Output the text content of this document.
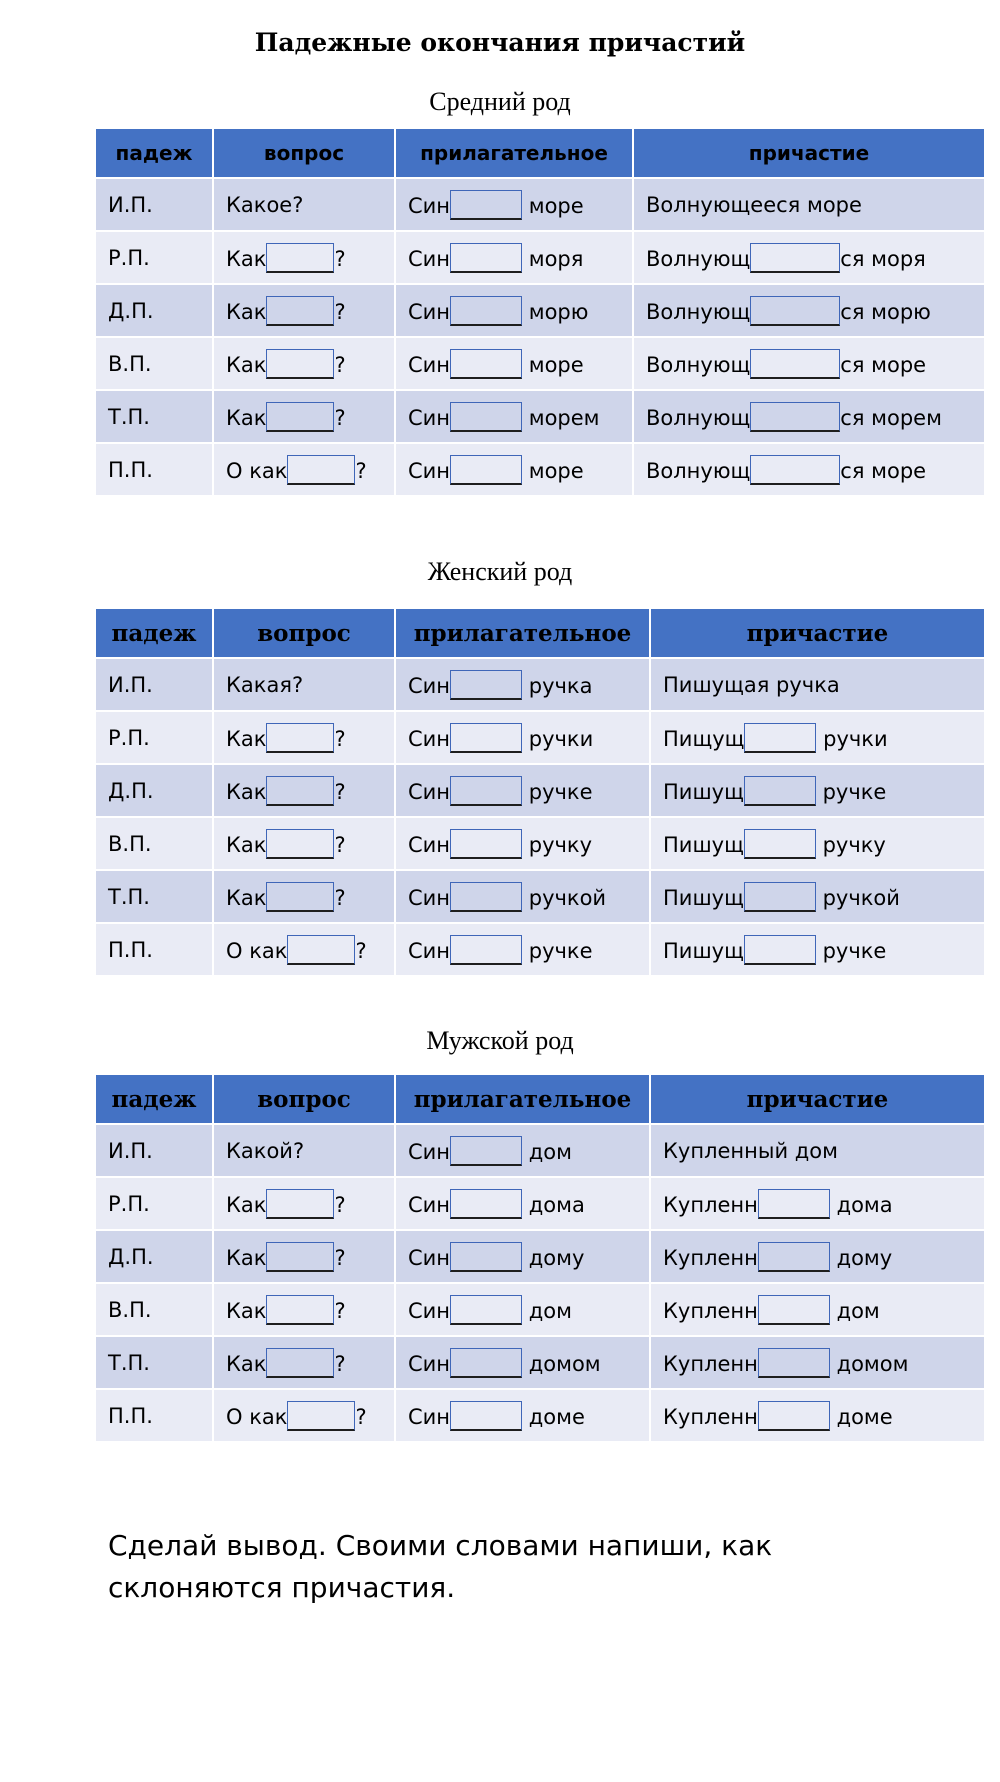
Падежные окончания причастий
Средний род
падеж	вопрос	прилагательное	причастие
И.П.	Какое?	Син море	Волнующееся море
Р.П.	Как ?	Син моря	Волнующ ся моря
Д.П.	Как ?	Син морю	Волнующ ся морю
В.П.	Как ?	Син море	Волнующ ся море
Т.П.	Как ?	Син морем	Волнующ ся морем
П.П.	О как ?	Син море	Волнующ ся море
Женский род
падеж	вопрос	прилагательное	причастие
И.П.	Какая?	Син ручка	Пишущая ручка
Р.П.	Как ?	Син ручки	Пищущ ручки
Д.П.	Как ?	Син ручке	Пишущ ручке
В.П.	Как ?	Син ручку	Пишущ ручку
Т.П.	Как ?	Син ручкой	Пишущ ручкой
П.П.	О как ?	Син ручке	Пишущ ручке
Мужской род
падеж	вопрос	прилагательное	причастие
И.П.	Какой?	Син дом	Купленный дом
Р.П.	Как ?	Син дома	Купленн дома
Д.П.	Как ?	Син дому	Купленн дому
В.П.	Как ?	Син дом	Купленн дом
Т.П.	Как ?	Син домом	Купленн домом
П.П.	О как ?	Син доме	Купленн доме
Сделай вывод. Своими словами напиши, как склоняются причастия.
